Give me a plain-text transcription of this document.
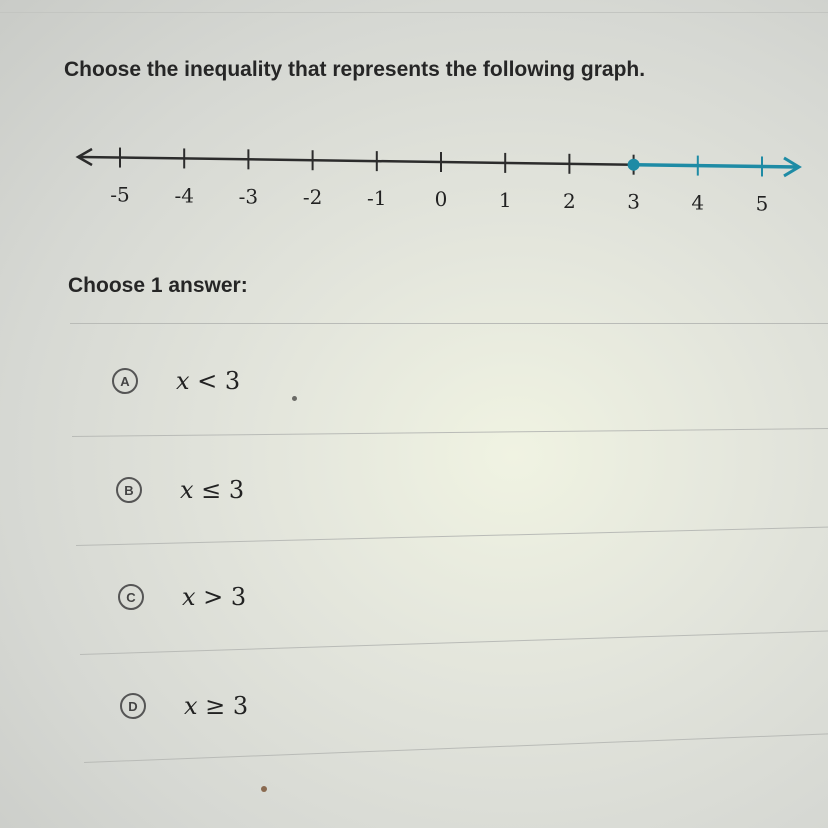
Choose the inequality that represents the following graph.
-5 -4 -3 -2 -1 0	1	2	3	4	5
Choose 1 answer:
A	x < 3
B	x ≤ 3
C	x > 3
D	x ≥ 3
